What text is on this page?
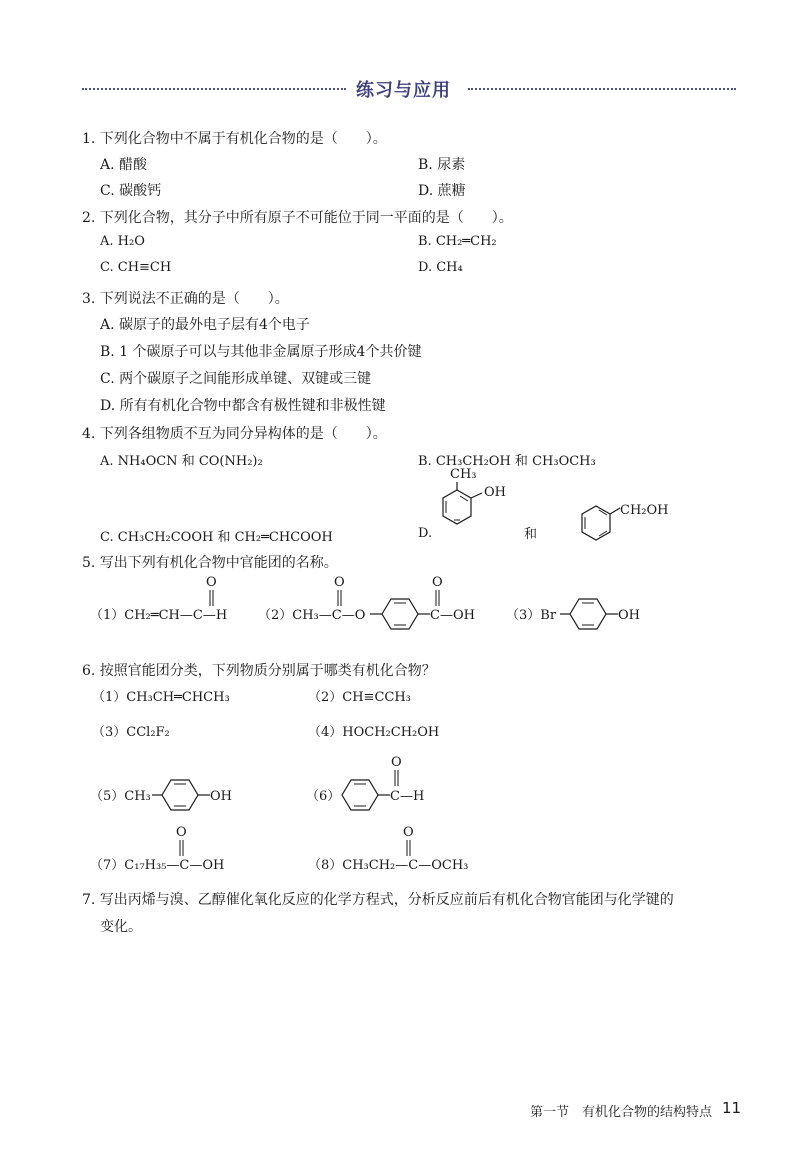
练习与应用
1. 下列化合物中不属于有机化合物的是（　　）。
A. 醋酸	B. 尿素
C. 碳酸钙	D. 蔗糖
2. 下列化合物，其分子中所有原子不可能位于同一平面的是（　　）。
A. H₂O	B. CH₂═CH₂
C. CH≡CH	D. CH₄
3. 下列说法不正确的是（　　）。
A. 碳原子的最外电子层有4个电子
B. 1 个碳原子可以与其他非金属原子形成4个共价键
C. 两个碳原子之间能形成单键、双键或三键
D. 所有有机化合物中都含有极性键和非极性键
4. 下列各组物质不互为同分异构体的是（　　）。
A. NH₄OCN 和 CO(NH₂)₂	B. CH₃CH₂OH 和 CH₃OCH₃
C. CH₃CH₂COOH 和 CH₂═CHCOOH	D.
CH₃
OH
和
CH₂OH
5. 写出下列有机化合物中官能团的名称。
（1）CH₂═CH—C—H
O
（2）CH₃—C—O
O
C—OH
O
（3）Br	OH
6. 按照官能团分类，下列物质分别属于哪类有机化合物？
（1）CH₃CH═CHCH₃	（2）CH≡CCH₃
（3）CCl₂F₂	（4）HOCH₂CH₂OH
（5）CH₃	OH	（6）	C—H
O
（7）C₁₇H₃₅—C—OH
O
（8）CH₃CH₂—C—OCH₃
O
7. 写出丙烯与溴、乙醇催化氧化反应的化学方程式，分析反应前后有机化合物官能团与化学键的
变化。
第一节　有机化合物的结构特点 11
